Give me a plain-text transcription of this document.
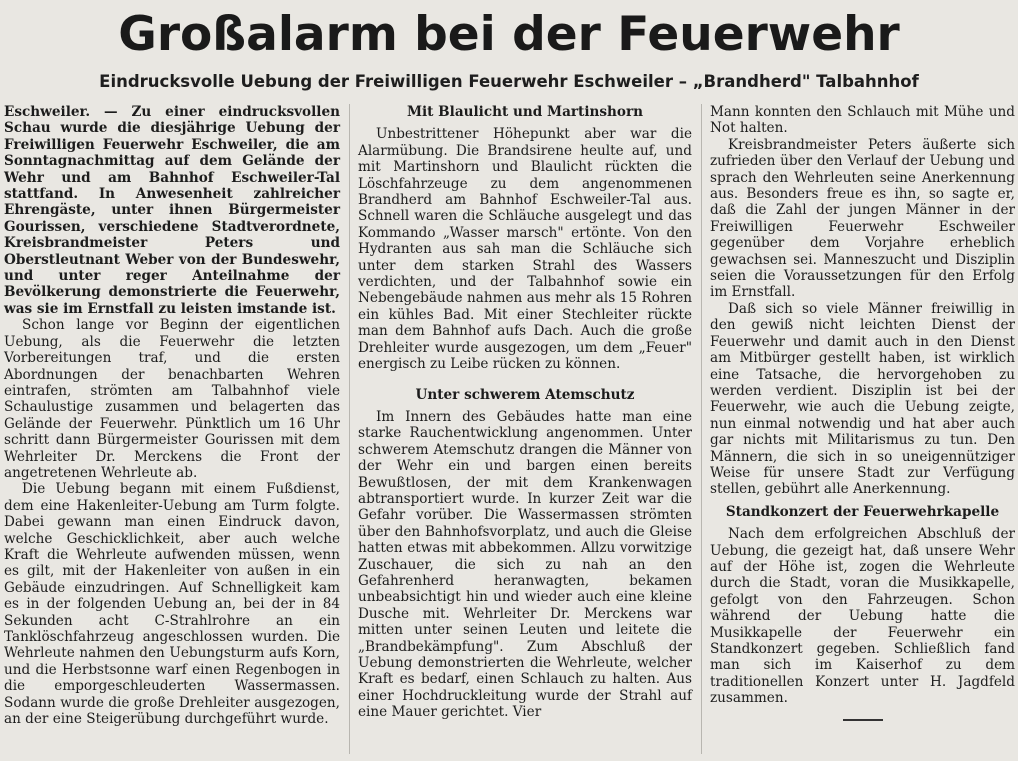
Großalarm bei der Feuerwehr
Eindrucksvolle Uebung der Freiwilligen Feuerwehr Eschweiler – „Brandherd" Talbahnhof

Eschweiler. — Zu einer eindrucksvollen Schau wurde die diesjährige Uebung der Freiwilligen Feuerwehr Eschweiler, die am Sonntagnachmittag auf dem Gelände der Wehr und am Bahnhof Eschweiler-Tal stattfand. In Anwesenheit zahlreicher Ehrengäste, unter ihnen Bürgermeister Gourissen, verschiedene Stadtverordnete, Kreisbrandmeister Peters und Oberstleutnant Weber von der Bundeswehr, und unter reger Anteilnahme der Bevölkerung demonstrierte die Feuerwehr, was sie im Ernstfall zu leisten imstande ist.

Schon lange vor Beginn der eigentlichen Uebung, als die Feuerwehr die letzten Vorbereitungen traf, und die ersten Abordnungen der benachbarten Wehren eintrafen, strömten am Talbahnhof viele Schaulustige zusammen und belagerten das Gelände der Feuerwehr. Pünktlich um 16 Uhr schritt dann Bürgermeister Gourissen mit dem Wehrleiter Dr. Merckens die Front der angetretenen Wehrleute ab.

Die Uebung begann mit einem Fußdienst, dem eine Hakenleiter-Uebung am Turm folgte. Dabei gewann man einen Eindruck davon, welche Geschicklichkeit, aber auch welche Kraft die Wehrleute aufwenden müssen, wenn es gilt, mit der Hakenleiter von außen in ein Gebäude einzudringen. Auf Schnelligkeit kam es in der folgenden Uebung an, bei der in 84 Sekunden acht C-Strahlrohre an ein Tanklöschfahrzeug angeschlossen wurden. Die Wehrleute nahmen den Uebungsturm aufs Korn, und die Herbstsonne warf einen Regenbogen in die emporgeschleuderten Wassermassen. Sodann wurde die große Drehleiter ausgezogen, an der eine Steigerübung durchgeführt wurde.

Mit Blaulicht und Martinshorn

Unbestrittener Höhepunkt aber war die Alarmübung. Die Brandsirene heulte auf, und mit Martinshorn und Blaulicht rückten die Löschfahrzeuge zu dem angenommenen Brandherd am Bahnhof Eschweiler-Tal aus. Schnell waren die Schläuche ausgelegt und das Kommando „Wasser marsch" ertönte. Von den Hydranten aus sah man die Schläuche sich unter dem starken Strahl des Wassers verdichten, und der Talbahnhof sowie ein Nebengebäude nahmen aus mehr als 15 Rohren ein kühles Bad. Mit einer Stechleiter rückte man dem Bahnhof aufs Dach. Auch die große Drehleiter wurde ausgezogen, um dem „Feuer" energisch zu Leibe rücken zu können.

Unter schwerem Atemschutz

Im Innern des Gebäudes hatte man eine starke Rauchentwicklung angenommen. Unter schwerem Atemschutz drangen die Männer von der Wehr ein und bargen einen bereits Bewußtlosen, der mit dem Krankenwagen abtransportiert wurde. In kurzer Zeit war die Gefahr vorüber. Die Wassermassen strömten über den Bahnhofsvorplatz, und auch die Gleise hatten etwas mit abbekommen. Allzu vorwitzige Zuschauer, die sich zu nah an den Gefahrenherd heranwagten, bekamen unbeabsichtigt hin und wieder auch eine kleine Dusche mit. Wehrleiter Dr. Merckens war mitten unter seinen Leuten und leitete die „Brandbekämpfung". Zum Abschluß der Uebung demonstrierten die Wehrleute, welcher Kraft es bedarf, einen Schlauch zu halten. Aus einer Hochdruckleitung wurde der Strahl auf eine Mauer gerichtet. Vier

Mann konnten den Schlauch mit Mühe und Not halten.

Kreisbrandmeister Peters äußerte sich zufrieden über den Verlauf der Uebung und sprach den Wehrleuten seine Anerkennung aus. Besonders freue es ihn, so sagte er, daß die Zahl der jungen Männer in der Freiwilligen Feuerwehr Eschweiler gegenüber dem Vorjahre erheblich gewachsen sei. Manneszucht und Disziplin seien die Voraussetzungen für den Erfolg im Ernstfall.

Daß sich so viele Männer freiwillig in den gewiß nicht leichten Dienst der Feuerwehr und damit auch in den Dienst am Mitbürger gestellt haben, ist wirklich eine Tatsache, die hervorgehoben zu werden verdient. Disziplin ist bei der Feuerwehr, wie auch die Uebung zeigte, nun einmal notwendig und hat aber auch gar nichts mit Militarismus zu tun. Den Männern, die sich in so uneigennütziger Weise für unsere Stadt zur Verfügung stellen, gebührt alle Anerkennung.

Standkonzert der Feuerwehrkapelle

Nach dem erfolgreichen Abschluß der Uebung, die gezeigt hat, daß unsere Wehr auf der Höhe ist, zogen die Wehrleute durch die Stadt, voran die Musikkapelle, gefolgt von den Fahrzeugen. Schon während der Uebung hatte die Musikkapelle der Feuerwehr ein Standkonzert gegeben. Schließlich fand man sich im Kaiserhof zu dem traditionellen Konzert unter H. Jagdfeld zusammen.
